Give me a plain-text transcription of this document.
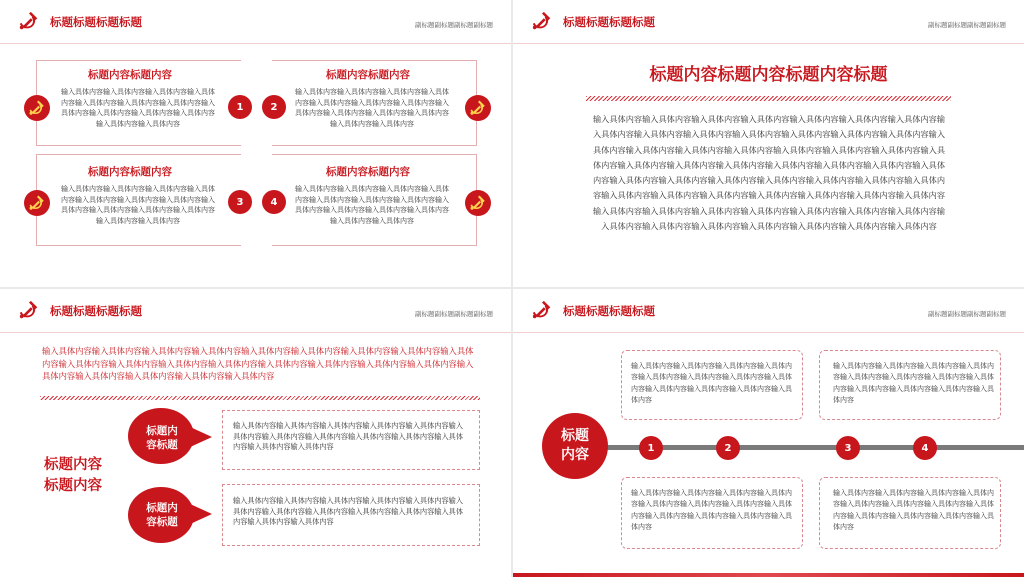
标题标题标题标题	副标题副标题副标题副标题
标题内容标题内容
输入具体内容输入具体内容输入具体内容输入具体内容输入具体内容输入具体内容输入具体内容输入具体内容输入具体内容输入具体内容输入具体内容输入具体内容输入具体内容
1
标题内容标题内容
输入具体内容输入具体内容输入具体内容输入具体内容输入具体内容输入具体内容输入具体内容输入具体内容输入具体内容输入具体内容输入具体内容输入具体内容输入具体内容
2
标题内容标题内容
输入具体内容输入具体内容输入具体内容输入具体内容输入具体内容输入具体内容输入具体内容输入具体内容输入具体内容输入具体内容输入具体内容输入具体内容输入具体内容
3
标题内容标题内容
输入具体内容输入具体内容输入具体内容输入具体内容输入具体内容输入具体内容输入具体内容输入具体内容输入具体内容输入具体内容输入具体内容输入具体内容输入具体内容
4
标题标题标题标题	副标题副标题副标题副标题
标题内容标题内容标题内容标题
输入具体内容输入具体内容输入具体内容输入具体内容输入具体内容输入具体内容输入具体内容输入具体内容输入具体内容输入具体内容输入具体内容输入具体内容输入具体内容输入具体内容输入具体内容输入具体内容输入具体内容输入具体内容输入具体内容输入具体内容输入具体内容输入具体内容输入具体内容输入具体内容输入具体内容输入具体内容输入具体内容输入具体内容输入具体内容输入具体内容输入具体内容输入具体内容输入具体内容输入具体内容输入具体内容输入具体内容输入具体内容输入具体内容输入具体内容输入具体内容输入具体内容输入具体内容输入具体内容输入具体内容输入具体内容输入具体内容输入具体内容输入具体内容输入具体内容输入具体内容输入具体内容输入具体内容输入具体内容输入具体内容输入具体内容输入具体内容输入具体内容
标题标题标题标题	副标题副标题副标题副标题
输入具体内容输入具体内容输入具体内容输入具体内容输入具体内容输入具体内容输入具体内容输入具体内容输入具体内容输入具体内容输入具体内容输入具体内容输入具体内容输入具体内容输入具体内容输入具体内容输入具体内容输入具体内容输入具体内容输入具体内容输入具体内容输入具体内容
标题内容
标题内容
标题内
容标题
输入具体内容输入具体内容输入具体内容输入具体内容输入具体内容输入具体内容输入具体内容输入具体内容输入具体内容输入具体内容输入具体内容输入具体内容输入具体内容
标题内
容标题
输入具体内容输入具体内容输入具体内容输入具体内容输入具体内容输入具体内容输入具体内容输入具体内容输入具体内容输入具体内容输入具体内容输入具体内容输入具体内容
标题标题标题标题	副标题副标题副标题副标题
标题
内容	1	2	3	4
输入具体内容输入具体内容输入具体内容输入具体内容输入具体内容输入具体内容输入具体内容输入具体内容输入具体内容输入具体内容输入具体内容输入具体内容
输入具体内容输入具体内容输入具体内容输入具体内容输入具体内容输入具体内容输入具体内容输入具体内容输入具体内容输入具体内容输入具体内容输入具体内容
输入具体内容输入具体内容输入具体内容输入具体内容输入具体内容输入具体内容输入具体内容输入具体内容输入具体内容输入具体内容输入具体内容输入具体内容
输入具体内容输入具体内容输入具体内容输入具体内容输入具体内容输入具体内容输入具体内容输入具体内容输入具体内容输入具体内容输入具体内容输入具体内容
